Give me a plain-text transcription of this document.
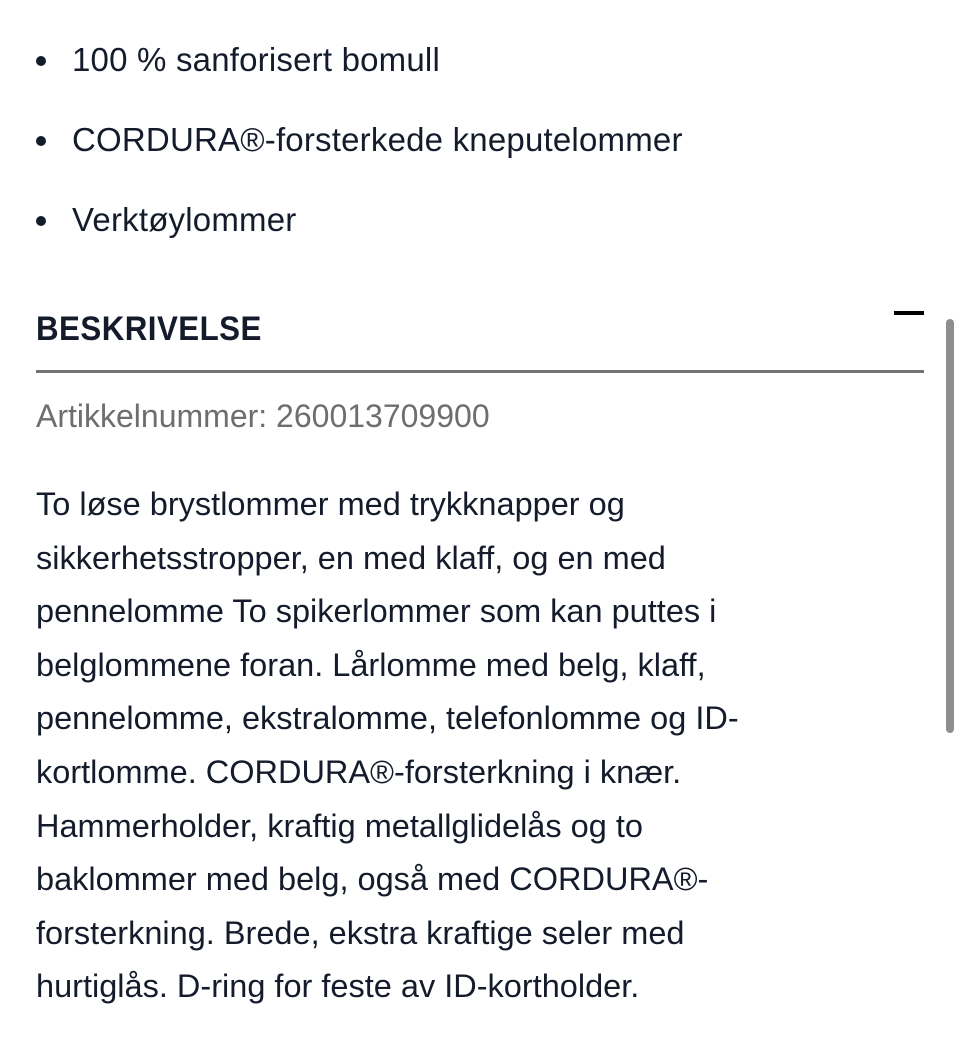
100 % sanforisert bomull
CORDURA®-forsterkede kneputelommer
Verktøylommer
BESKRIVELSE
Artikkelnummer: 260013709900

To løse brystlommer med trykknapper og
sikkerhetsstropper, en med klaff, og en med
pennelomme To spikerlommer som kan puttes i
belglommene foran. Lårlomme med belg, klaff,
pennelomme, ekstralomme, telefonlomme og ID-
kortlomme. CORDURA®-forsterkning i knær.
Hammerholder, kraftig metallglidelås og to
baklommer med belg, også med CORDURA®-
forsterkning. Brede, ekstra kraftige seler med
hurtiglås. D-ring for feste av ID-kortholder.
